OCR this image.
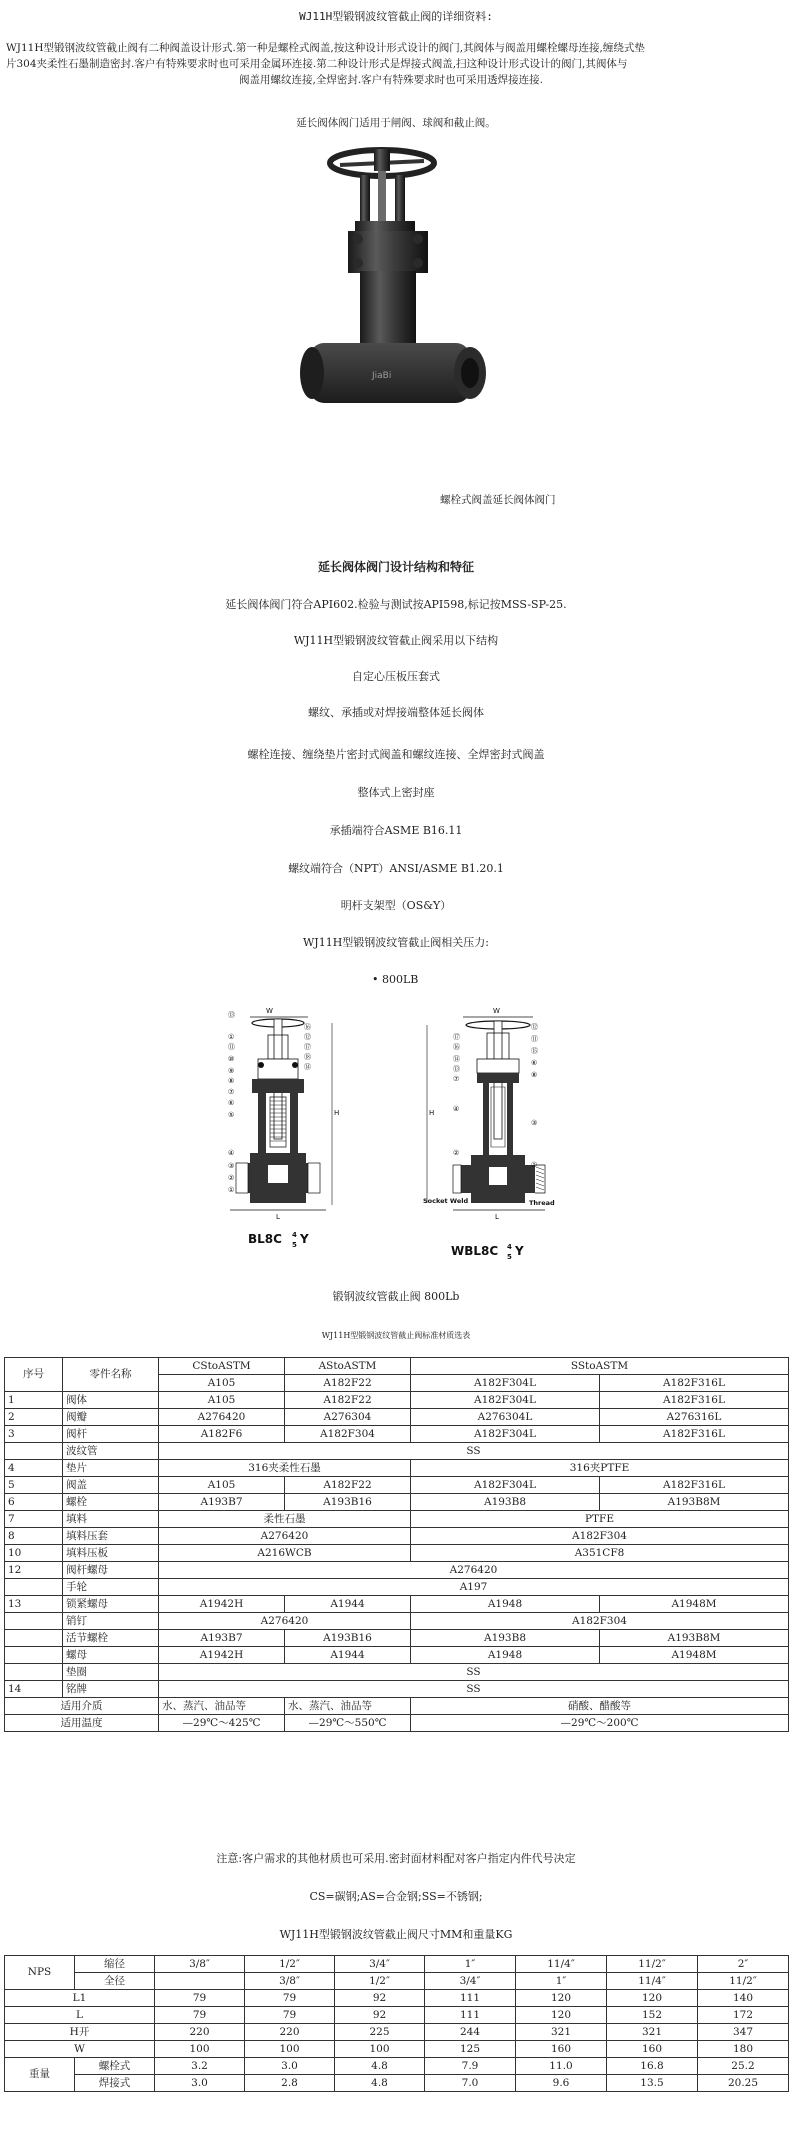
WJ11H型锻钢波纹管截止阀的详细资料:
WJ11H型锻钢波纹管截止阀有二种阀盖设计形式.第一种是螺栓式阀盖,按这种设计形式设计的阀门,其阀体与阀盖用螺栓螺母连接,缠绕式垫
片304夹柔性石墨制造密封.客户有特殊要求时也可采用金属环连接.第二种设计形式是焊接式阀盖,扫这种设计形式设计的阀门,其阀体与
阀盖用螺纹连接,全焊密封.客户有特殊要求时也可采用透焊接连接.
延长阀体阀门适用于闸阀、球阀和截止阀。
JiaBi
螺栓式阀盖延长阀体阀门
延长阀体阀门设计结构和特征
延长阀体阀门符合API602.检验与测试按API598,标记按MSS-SP-25.
WJ11H型锻钢波纹管截止阀采用以下结构
自定心压板压套式
螺纹、承插或对焊接端整体延长阀体
螺栓连接、缠绕垫片密封式阀盖和螺纹连接、全焊密封式阀盖
整体式上密封座
承插端符合ASME B16.11
螺纹端符合（NPT）ANSI/ASME B1.20.1
明杆支架型（OS&Y）
WJ11H型锻钢波纹管截止阀相关压力:
• 800LB
W
L
H
⑬
①
⑪
⑩
⑨
⑧
⑦
⑥
⑤
④
③
②
①
⑯
⑫
⑰
⑱
⑭
BL8C 4
5 Y
W
L
H
Socket Weld	Thread
⑰
⑯
⑭
⑬
⑦
④
②
⑫
⑪
⑮
⑥
⑧
③
①
WBL8C 4
5 Y
锻钢波纹管截止阀 800Lb
WJ11H型锻钢波纹管截止阀标准材质选表
序号	零件名称	CStoASTM	AStoASTM	SStoASTM	
		A105	A182F22	A182F304L	A182F316L
1	阀体	A105	A182F22	A182F304L	A182F316L
2	阀瓣	A276420	A276304	A276304L	A276316L
3	阀杆	A182F6	A182F304	A182F304L	A182F316L
	波纹管	SS			
4	垫片	316夹柔性石墨		316夹PTFE	
5	阀盖	A105	A182F22	A182F304L	A182F316L
6	螺栓	A193B7	A193B16	A193B8	A193B8M
7	填料	柔性石墨		PTFE	
8	填料压套	A276420		A182F304	
10	填料压板	A216WCB		A351CF8	
12	阀杆螺母	A276420			
	手轮	A197			
13	锁紧螺母	A1942H	A1944	A1948	A1948M
	销钉	A276420		A182F304	
	活节螺栓	A193B7	A193B16	A193B8	A193B8M
	螺母	A1942H	A1944	A1948	A1948M
	垫圈	SS			
14	铭牌	SS			
适用介质		水、蒸汽、油品等	水、蒸汽、油品等	硝酸、醋酸等	
适用温度		—29℃～425℃	—29℃～550℃	—29℃～200℃	
注意:客户需求的其他材质也可采用.密封面材料配对客户指定内件代号决定
CS=碳钢;AS=合金钢;SS=不锈钢;
WJ11H型锻钢波纹管截止阀尺寸MM和重量KG
NPS	缩径	3/8″	1/2″	3/4″	1″	11/4″	11/2″	2″
	全径		3/8″	1/2″	3/4″	1″	11/4″	11/2″
L1		79	79	92	111	120	120	140
L		79	79	92	111	120	152	172
H开		220	220	225	244	321	321	347
W		100	100	100	125	160	160	180
重量	螺栓式	3.2	3.0	4.8	7.9	11.0	16.8	25.2
	焊接式	3.0	2.8	4.8	7.0	9.6	13.5	20.25
